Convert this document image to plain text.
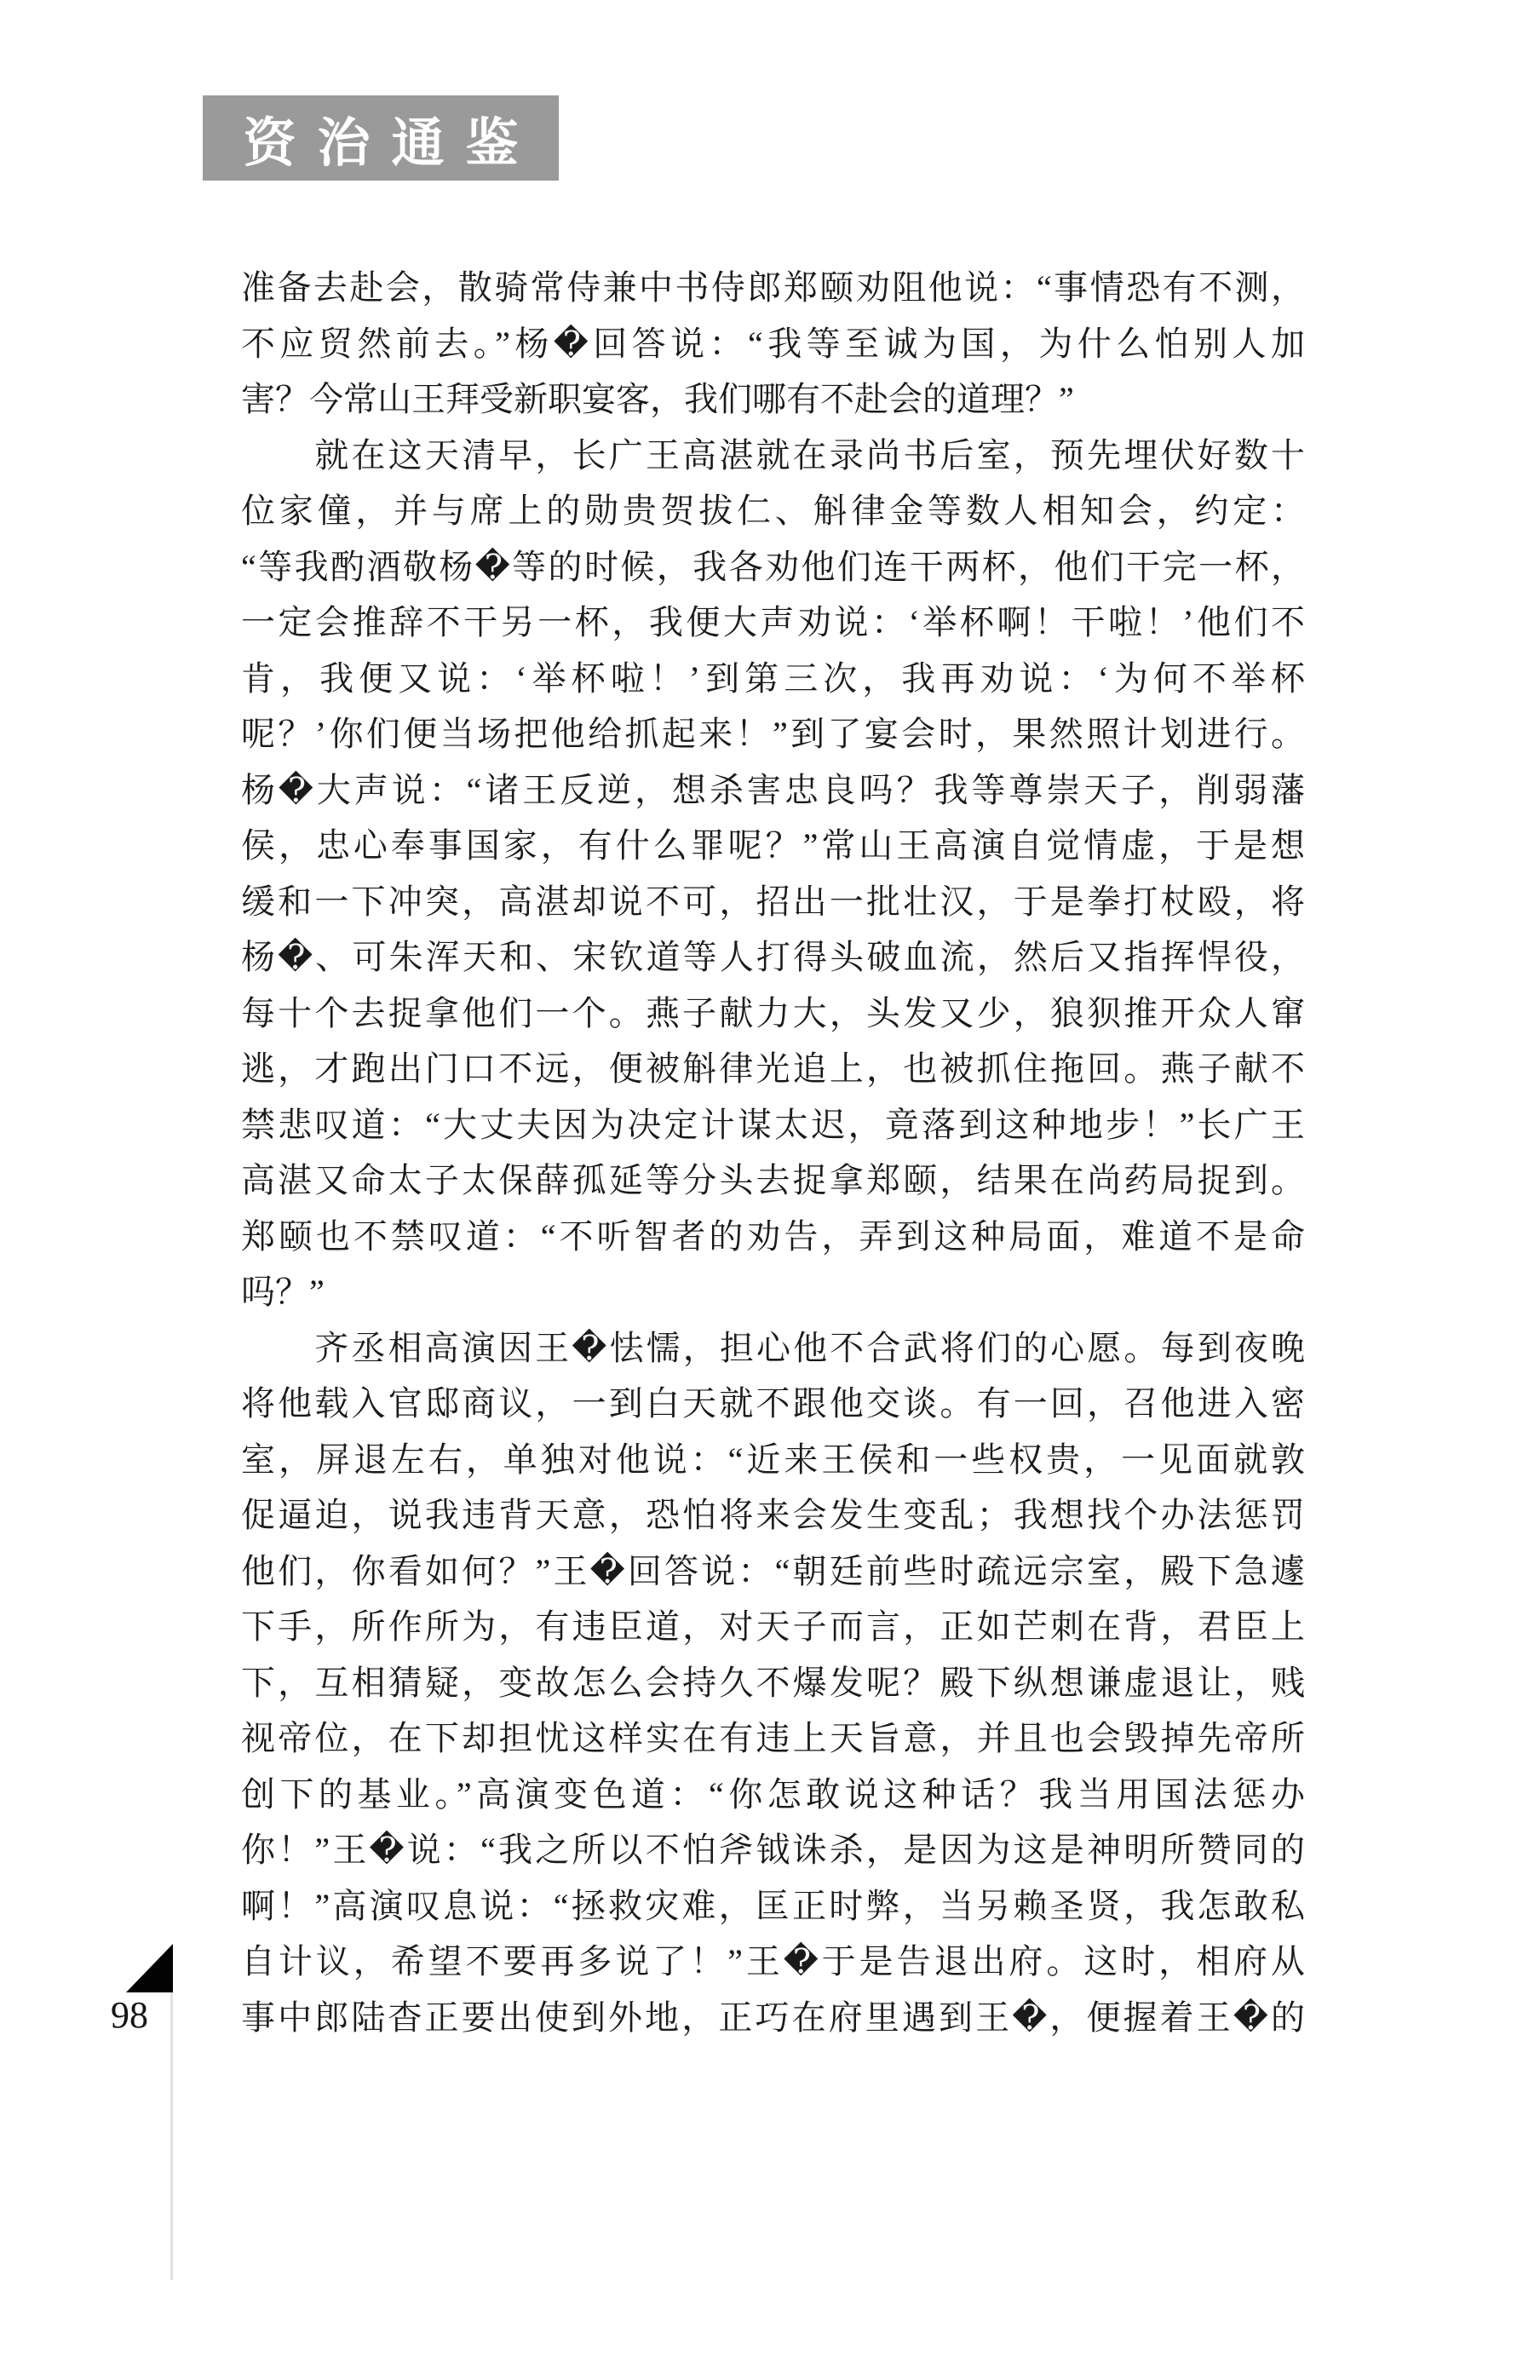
资治通鉴

准备去赴会，散骑常侍兼中书侍郎郑颐劝阻他说：“事情恐有不测，

不应贸然前去。”杨�回答说：“我等至诚为国，为什么怕别人加

害？今常山王拜受新职宴客，我们哪有不赴会的道理？”

　　就在这天清早，长广王高湛就在录尚书后室，预先埋伏好数十

位家僮，并与席上的勋贵贺拔仁、斛律金等数人相知会，约定：

“等我酌酒敬杨�等的时候，我各劝他们连干两杯，他们干完一杯，

一定会推辞不干另一杯，我便大声劝说：‘举杯啊！干啦！’他们不

肯，我便又说：‘举杯啦！’到第三次，我再劝说：‘为何不举杯

呢？’你们便当场把他给抓起来！”到了宴会时，果然照计划进行。

杨�大声说：“诸王反逆，想杀害忠良吗？我等尊崇天子，削弱藩

侯，忠心奉事国家，有什么罪呢？”常山王高演自觉情虚，于是想

缓和一下冲突，高湛却说不可，招出一批壮汉，于是拳打杖殴，将

杨�、可朱浑天和、宋钦道等人打得头破血流，然后又指挥悍役，

每十个去捉拿他们一个。燕子献力大，头发又少，狼狈推开众人窜

逃，才跑出门口不远，便被斛律光追上，也被抓住拖回。燕子献不

禁悲叹道：“大丈夫因为决定计谋太迟，竟落到这种地步！”长广王

高湛又命太子太保薛孤延等分头去捉拿郑颐，结果在尚药局捉到。

郑颐也不禁叹道：“不听智者的劝告，弄到这种局面，难道不是命

吗？”

　　齐丞相高演因王�怯懦，担心他不合武将们的心愿。每到夜晚

将他载入官邸商议，一到白天就不跟他交谈。有一回，召他进入密

室，屏退左右，单独对他说：“近来王侯和一些权贵，一见面就敦

促逼迫，说我违背天意，恐怕将来会发生变乱；我想找个办法惩罚

他们，你看如何？”王�回答说：“朝廷前些时疏远宗室，殿下急遽

下手，所作所为，有违臣道，对天子而言，正如芒刺在背，君臣上

下，互相猜疑，变故怎么会持久不爆发呢？殿下纵想谦虚退让，贱

视帝位，在下却担忧这样实在有违上天旨意，并且也会毁掉先帝所

创下的基业。”高演变色道：“你怎敢说这种话？我当用国法惩办

你！”王�说：“我之所以不怕斧钺诛杀，是因为这是神明所赞同的

啊！”高演叹息说：“拯救灾难，匡正时弊，当另赖圣贤，我怎敢私

自计议，希望不要再多说了！”王�于是告退出府。这时，相府从

事中郎陆杳正要出使到外地，正巧在府里遇到王�，便握着王�的

98
